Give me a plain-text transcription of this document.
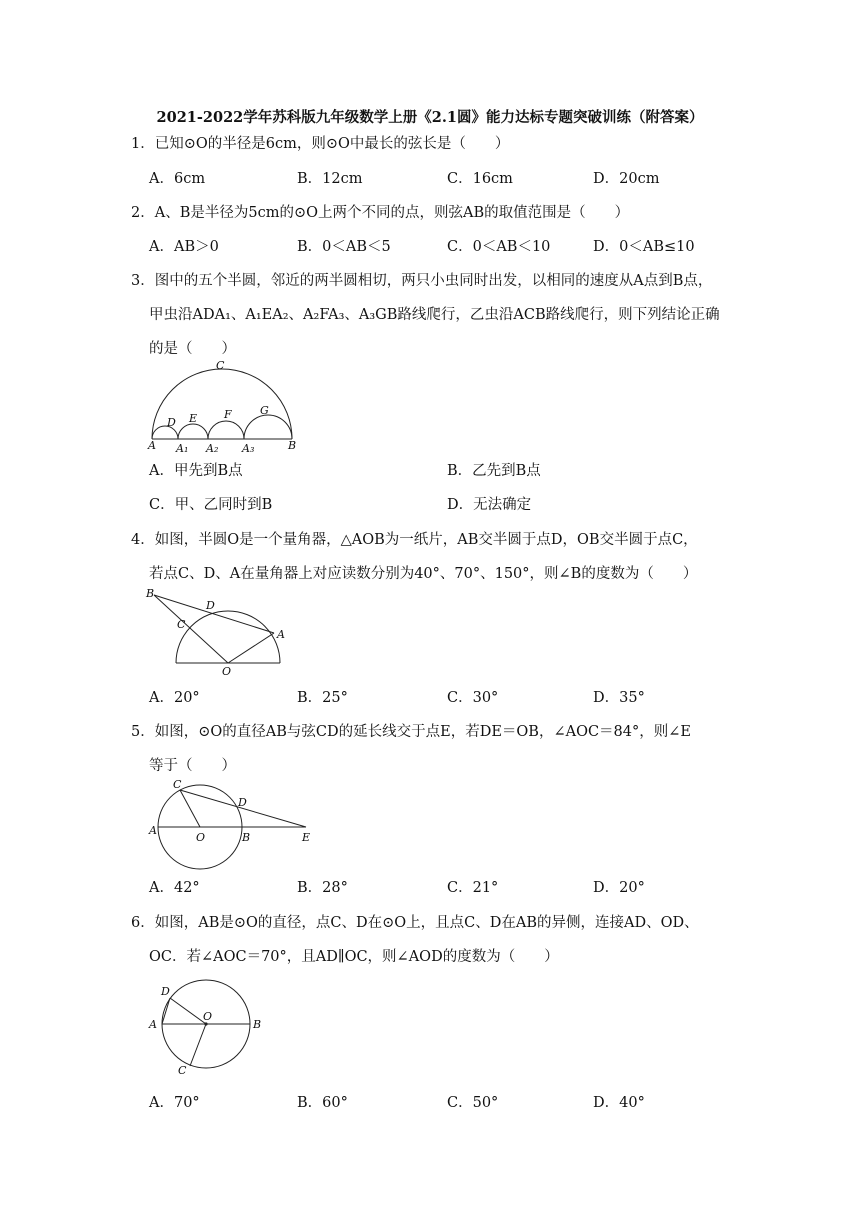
2021-2022学年苏科版九年级数学上册《2.1圆》能力达标专题突破训练（附答案）
1．已知⊙O的半径是6cm，则⊙O中最长的弦长是（　　）
A．6cm	B．12cm	C．16cm	D．20cm
2．A、B是半径为5cm的⊙O上两个不同的点，则弦AB的取值范围是（　　）
A．AB＞0	B．0＜AB＜5	C．0＜AB＜10	D．0＜AB≤10
3．图中的五个半圆，邻近的两半圆相切，两只小虫同时出发，以相同的速度从A点到B点，
甲虫沿ADA₁、A₁EA₂、A₂FA₃、A₃GB路线爬行，乙虫沿ACB路线爬行，则下列结论正确
的是（　　）
C
D E F	G
A A₁ A₂ A₃	B
A．甲先到B点	B．乙先到B点
C．甲、乙同时到B	D．无法确定
4．如图，半圆O是一个量角器，△AOB为一纸片，AB交半圆于点D，OB交半圆于点C，
若点C、D、A在量角器上对应读数分别为40°、70°、150°，则∠B的度数为（　　）
B
D
C
A
O
A．20°	B．25°	C．30°	D．35°
5．如图，⊙O的直径AB与弦CD的延长线交于点E，若DE＝OB，∠AOC＝84°，则∠E
等于（　　）
C
D
A
O	B	E
A．42°	B．28°	C．21°	D．20°
6．如图，AB是⊙O的直径，点C、D在⊙O上，且点C、D在AB的异侧，连接AD、OD、
OC．若∠AOC＝70°，且AD∥OC，则∠AOD的度数为（　　）
D
A
O
B
C
A．70°	B．60°	C．50°	D．40°
